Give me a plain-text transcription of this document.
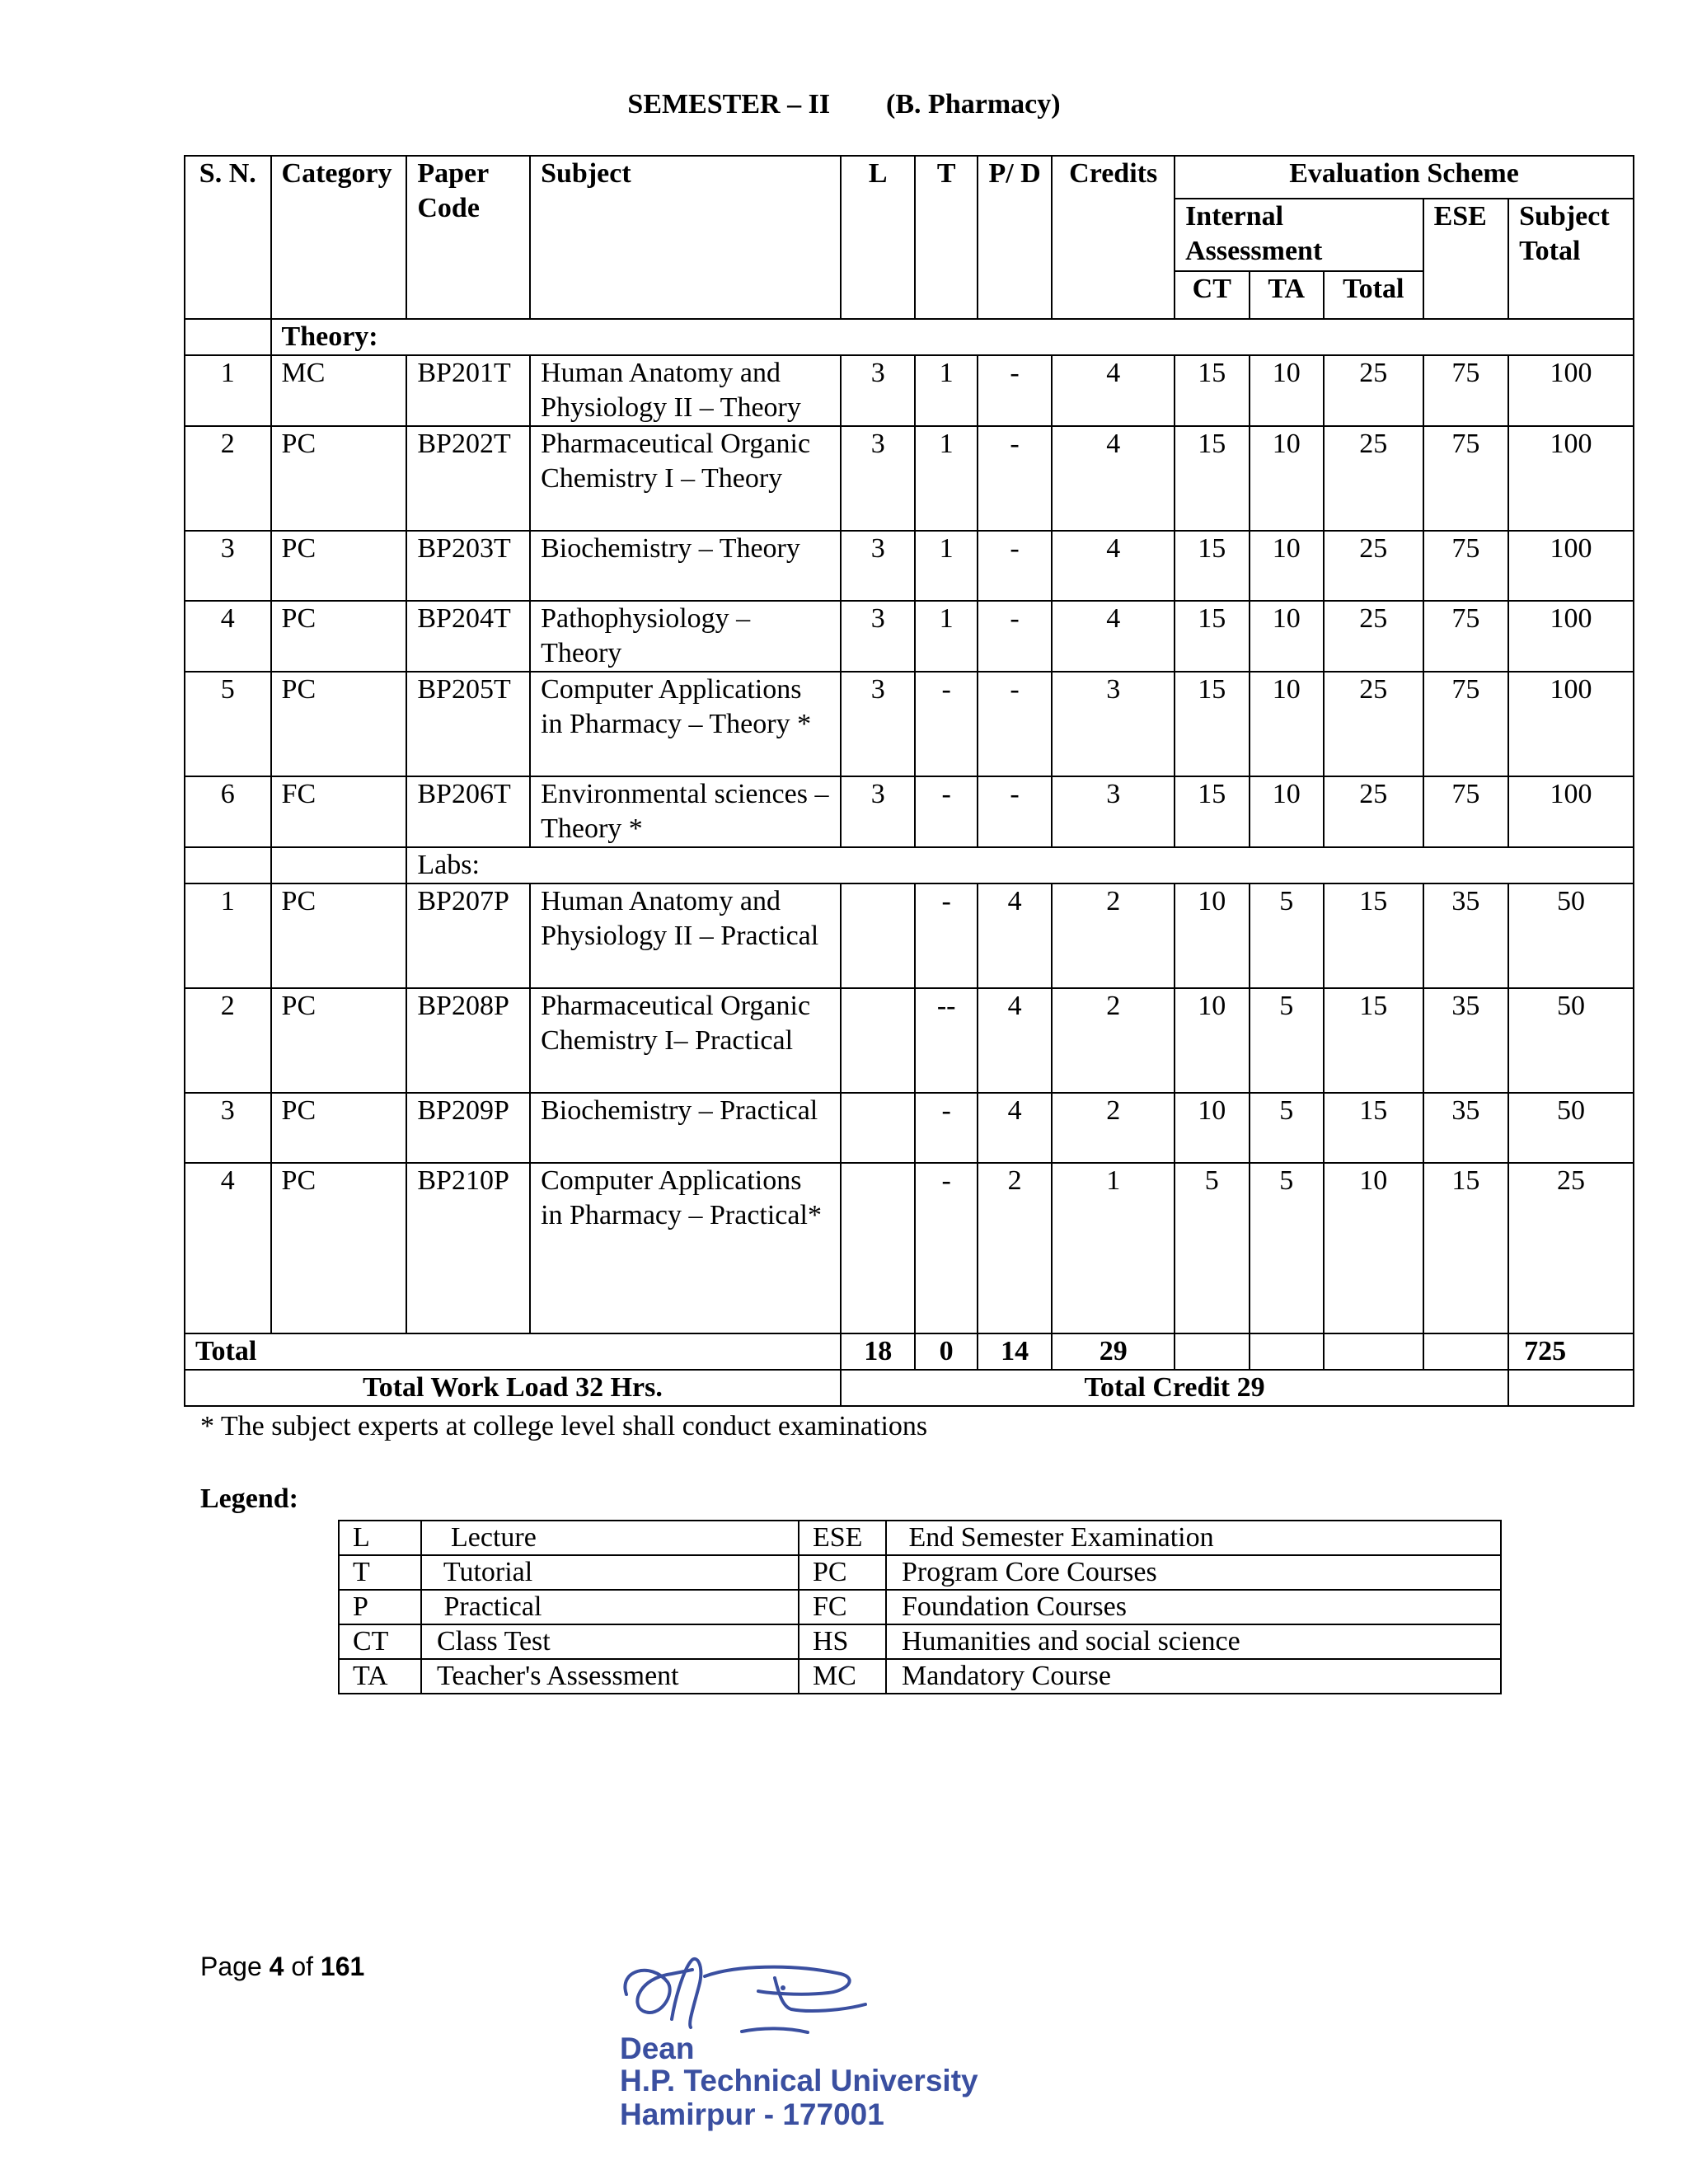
SEMESTER – II        (B. Pharmacy)
S. N.	Category	Paper Code	Subject	L	T	P/ D	Credits	Evaluation Scheme				
								Internal Assessment			ESE	Subject Total
								CT	TA	Total		
	Theory:											
1	MC	BP201T	Human Anatomy and Physiology II – Theory	3	1	-	4	15	10	25	75	100
2	PC	BP202T	Pharmaceutical Organic Chemistry I – Theory	3	1	-	4	15	10	25	75	100
3	PC	BP203T	Biochemistry – Theory	3	1	-	4	15	10	25	75	100
4	PC	BP204T	Pathophysiology – Theory	3	1	-	4	15	10	25	75	100
5	PC	BP205T	Computer Applications in Pharmacy – Theory *	3	-	-	3	15	10	25	75	100
6	FC	BP206T	Environmental sciences – Theory *	3	-	-	3	15	10	25	75	100
		Labs:										
1	PC	BP207P	Human Anatomy and Physiology II – Practical		-	4	2	10	5	15	35	50
2	PC	BP208P	Pharmaceutical Organic Chemistry I– Practical		--	4	2	10	5	15	35	50
3	PC	BP209P	Biochemistry – Practical		-	4	2	10	5	15	35	50
4	PC	BP210P	Computer Applications in Pharmacy – Practical*		-	2	1	5	5	10	15	25
Total				18	0	14	29					725
Total Work Load 32 Hrs.				Total Credit 29								
* The subject experts at college level shall conduct examinations
Legend:
L	Lecture	ESE	End Semester Examination
T	Tutorial	PC	Program Core Courses
P	Practical	FC	Foundation Courses
CT	Class Test	HS	Humanities and social science
TA	Teacher's Assessment	MC	Mandatory Course
Page 4 of 161
Dean
H.P. Technical University
Hamirpur - 177001
